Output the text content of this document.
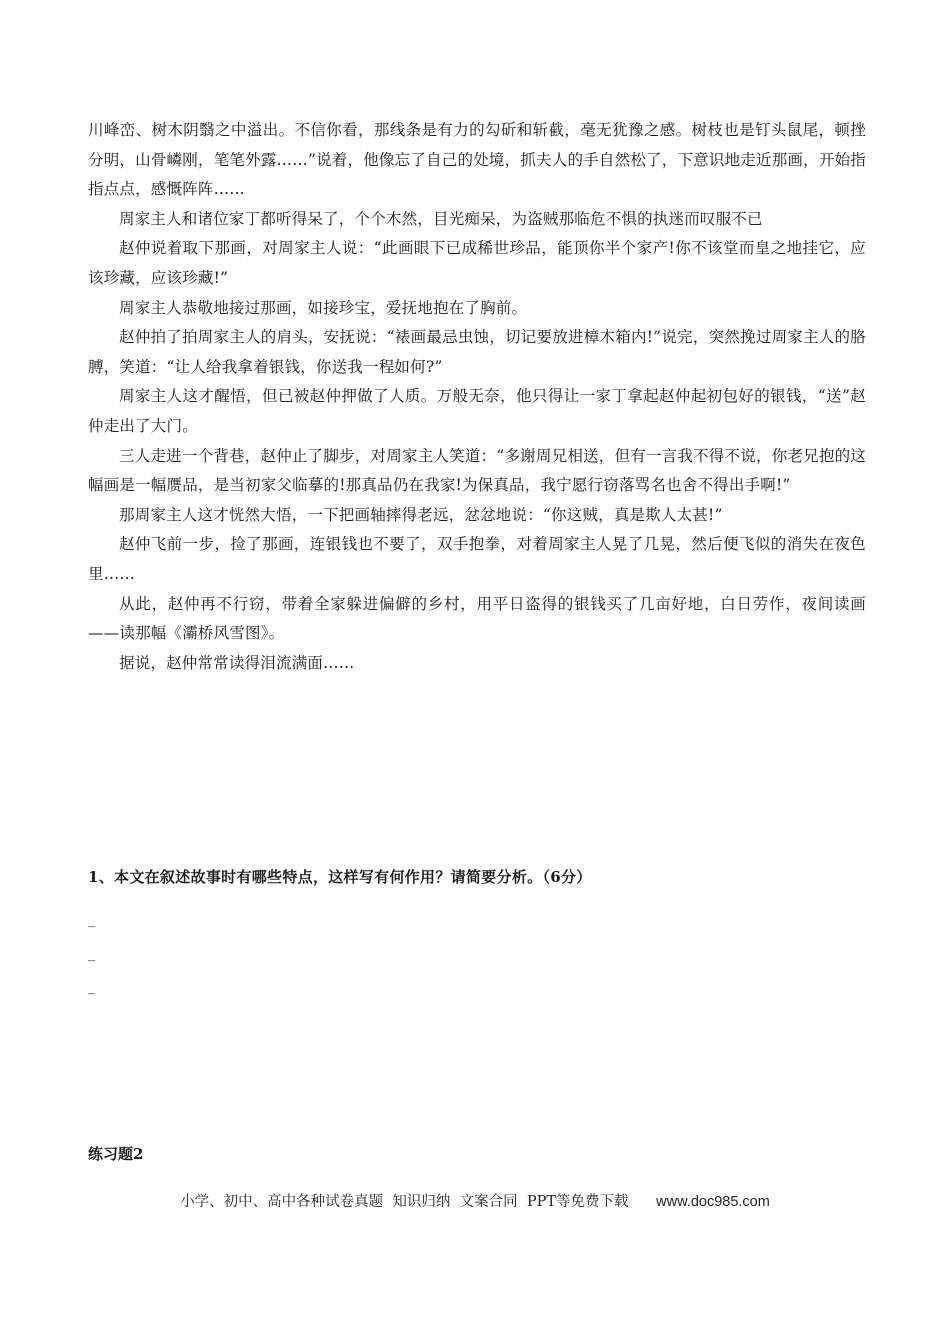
川峰峦、树木阴翳之中溢出。不信你看，那线条是有力的勾斫和斩截，毫无犹豫之感。树枝也是钉头鼠尾，顿挫分明，山骨嶙刚，笔笔外露……”说着，他像忘了自己的处境，抓夫人的手自然松了，下意识地走近那画，开始指指点点，感慨阵阵……

周家主人和诸位家丁都听得呆了，个个木然，目光痴呆，为盗贼那临危不惧的执迷而叹服不已

赵仲说着取下那画，对周家主人说：“此画眼下已成稀世珍品，能顶你半个家产!你不该堂而皇之地挂它，应该珍藏，应该珍藏!”

周家主人恭敬地接过那画，如接珍宝，爱抚地抱在了胸前。

赵仲拍了拍周家主人的肩头，安抚说：“裱画最忌虫蚀，切记要放进樟木箱内!”说完，突然挽过周家主人的胳膊，笑道：“让人给我拿着银钱，你送我一程如何?”

周家主人这才醒悟，但已被赵仲押做了人质。万般无奈，他只得让一家丁拿起赵仲起初包好的银钱，“送”赵仲走出了大门。

三人走进一个背巷，赵仲止了脚步，对周家主人笑道：“多谢周兄相送，但有一言我不得不说，你老兄抱的这幅画是一幅赝品，是当初家父临摹的!那真品仍在我家!为保真品，我宁愿行窃落骂名也舍不得出手啊!”

那周家主人这才恍然大悟，一下把画轴摔得老远，忿忿地说：“你这贼，真是欺人太甚!”

赵仲飞前一步，捡了那画，连银钱也不要了，双手抱拳，对着周家主人晃了几晃，然后便飞似的消失在夜色里……

从此，赵仲再不行窃，带着全家躲进偏僻的乡村，用平日盗得的银钱买了几亩好地，白日劳作，夜间读画——读那幅《灞桥风雪图》。

据说，赵仲常常读得泪流满面……

1、本文在叙述故事时有哪些特点，这样写有何作用？请简要分析。（6分）
_
_
_
练习题2
小学、初中、高中各种试卷真题  知识归纳  文案合同  PPT等免费下载 www.doc985.com
